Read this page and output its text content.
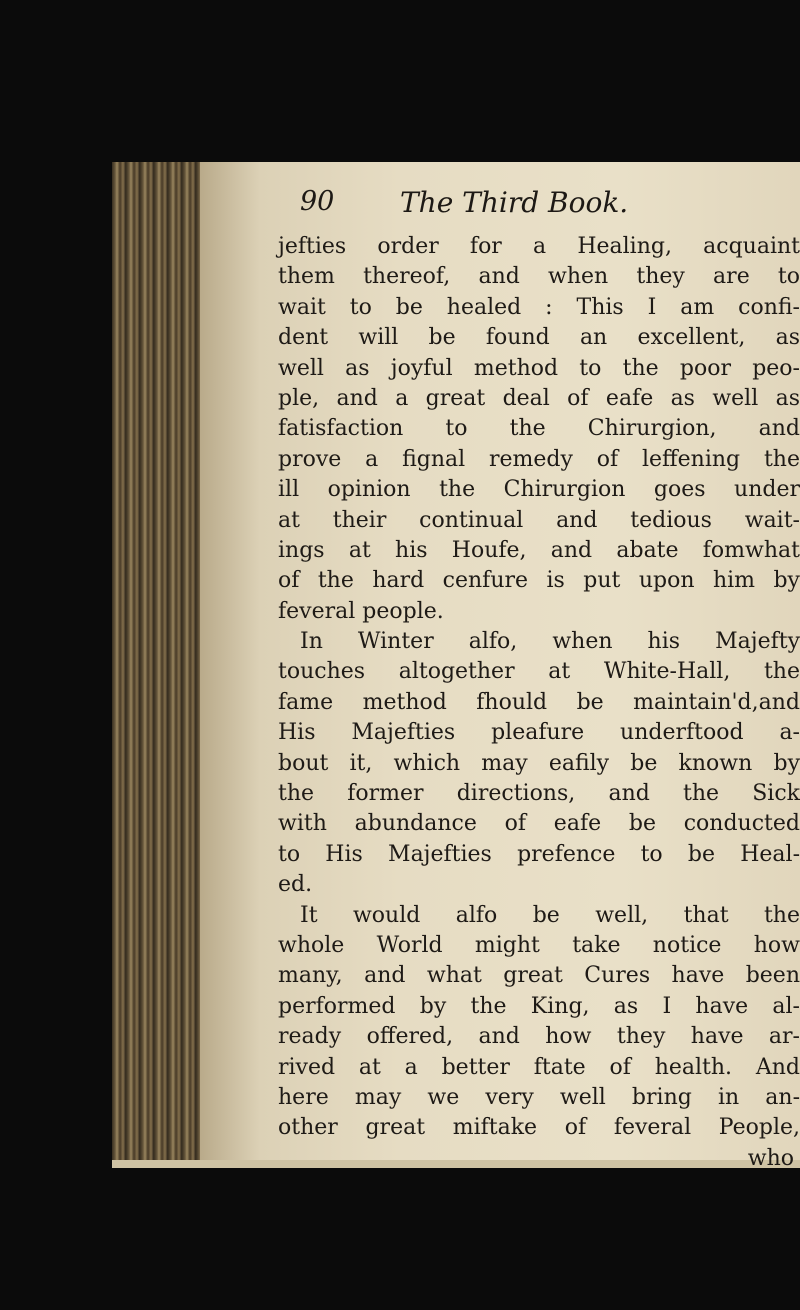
90 The Third Book.
jefties order for a Healing, acquaint
them thereof, and when they are to
wait to be healed : This I am confi-
dent will be found an excellent, as
well as joyful method to the poor peo-
ple, and a great deal of eafe as well as
fatisfaction to the Chirurgion, and
prove a fignal remedy of leffening the
ill opinion the Chirurgion goes under
at their continual and tedious wait-
ings at his Houfe, and abate fomwhat
of the hard cenfure is put upon him by
feveral people.
In Winter alfo, when his Majefty
touches altogether at White-Hall, the
fame method fhould be maintain'd,and
His Majefties pleafure underftood a-
bout it, which may eafily be known by
the former directions, and the Sick
with abundance of eafe be conducted
to His Majefties prefence to be Heal-
ed.
It would alfo be well, that the
whole World might take notice how
many, and what great Cures have been
performed by the King, as I have al-
ready offered, and how they have ar-
rived at a better ftate of health. And
here may we very well bring in an-
other great miftake of feveral People,
who
